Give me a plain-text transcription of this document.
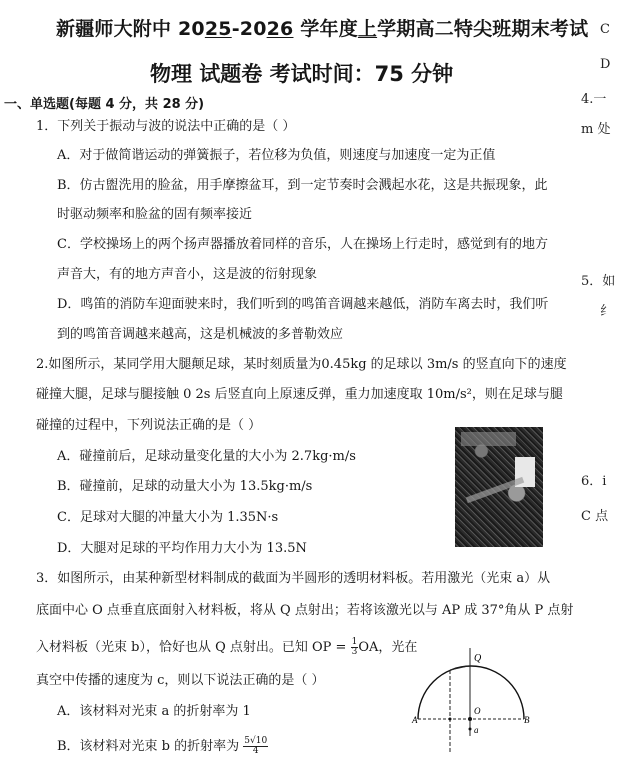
新疆师大附中 2025-2026 学年度上学期高二特尖班期末考试
物理 试题卷 考试时间：75 分钟
一、单选题(每题 4 分，共 28 分)
1．下列关于振动与波的说法中正确的是（ ）
A．对于做简谐运动的弹簧振子，若位移为负值，则速度与加速度一定为正值
B．仿古盥洗用的脸盆，用手摩擦盆耳，到一定节奏时会溅起水花，这是共振现象，此
时驱动频率和脸盆的固有频率接近
C．学校操场上的两个扬声器播放着同样的音乐，人在操场上行走时，感觉到有的地方
声音大，有的地方声音小，这是波的衍射现象
D．鸣笛的消防车迎面驶来时，我们听到的鸣笛音调越来越低，消防车离去时，我们听
到的鸣笛音调越来越高，这是机械波的多普勒效应
2.如图所示，某同学用大腿颠足球，某时刻质量为0.45kg 的足球以 3m/s 的竖直向下的速度
碰撞大腿，足球与腿接触 0 2s 后竖直向上原速反弹，重力加速度取 10m/s²，则在足球与腿
碰撞的过程中，下列说法正确的是（ ）
A．碰撞前后，足球动量变化量的大小为 2.7kg·m/s
B．碰撞前，足球的动量大小为 13.5kg·m/s
C．足球对大腿的冲量大小为 1.35N·s
D．大腿对足球的平均作用力大小为 13.5N
3．如图所示，由某种新型材料制成的截面为半圆形的透明材料板。若用激光（光束 a）从
底面中心 O 点垂直底面射入材料板，将从 Q 点射出；若将该激光以与 AP 成 37°角从 P 点射
入材料板（光束 b），恰好也从 Q 点射出。已知 OP = $\frac{1}{3}$ OA，光在
真空中传播的速度为 c，则以下说法正确的是（ ）
A．该材料对光束 a 的折射率为 1
B．该材料对光束 b 的折射率为 $\frac{5√10}{4}$
A	B
O
Q
a
C
D
4.一
m 处
5．如
纟
6．i
C 点
